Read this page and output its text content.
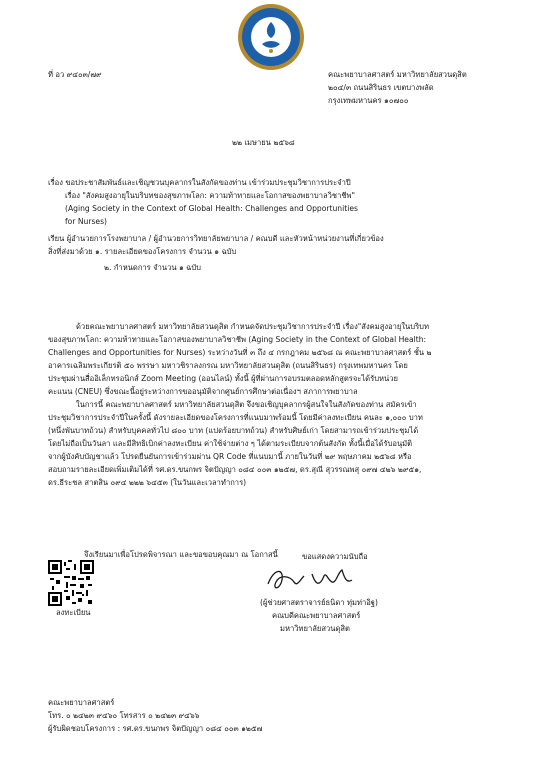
ที่ อว ๙๔๐๓/๗๙	คณะพยาบาลศาสตร์ มหาวิทยาลัยสวนดุสิต
๒๐๔/๓ ถนนสิรินธร เขตบางพลัด
กรุงเทพมหานคร ๑๐๗๐๐
๒๒ เมษายน ๒๕๖๘
เรื่อง ขอประชาสัมพันธ์และเชิญชวนบุคลากรในสังกัดของท่าน เข้าร่วมประชุมวิชาการประจำปี
เรื่อง "สังคมสูงอายุในบริบทของสุขภาพโลก: ความท้าทายและโอกาสของพยาบาลวิชาชีพ"
(Aging Society in the Context of Global Health: Challenges and Opportunities
for Nurses)
เรียน ผู้อำนวยการโรงพยาบาล / ผู้อำนวยการวิทยาลัยพยาบาล / คณบดี และหัวหน้าหน่วยงานที่เกี่ยวข้อง
สิ่งที่ส่งมาด้วย ๑. รายละเอียดของโครงการ จำนวน ๑ ฉบับ
๒. กำหนดการ จำนวน ๑ ฉบับ
ด้วยคณะพยาบาลศาสตร์ มหาวิทยาลัยสวนดุสิต กำหนดจัดประชุมวิชาการประจำปี เรื่อง"สังคมสูงอายุในบริบท
ของสุขภาพโลก: ความท้าทายและโอกาสของพยาบาลวิชาชีพ (Aging Society in the Context of Global Health:
Challenges and Opportunities for Nurses) ระหว่างวันที่ ๓ ถึง ๔ กรกฎาคม ๒๕๖๘ ณ คณะพยาบาลศาสตร์ ชั้น ๒
อาคารเฉลิมพระเกียรติ ๕๐ พรรษา มหาวชิราลงกรณ มหาวิทยาลัยสวนดุสิต (ถนนสิรินธร) กรุงเทพมหานคร โดย
ประชุมผ่านสื่ออิเล็กทรอนิกส์ Zoom Meeting (ออนไลน์) ทั้งนี้ ผู้ที่ผ่านการอบรมตลอดหลักสูตรจะได้รับหน่วย
คะแนน (CNEU) ซึ่งขณะนี้อยู่ระหว่างการขออนุมัติจากศูนย์การศึกษาต่อเนื่องฯ สภาการพยาบาล
ในการนี้ คณะพยาบาลศาสตร์ มหาวิทยาลัยสวนดุสิต จึงขอเชิญบุคลากรผู้สนใจในสังกัดของท่าน สมัครเข้า
ประชุมวิชาการประจำปีในครั้งนี้ ดังรายละเอียดของโครงการที่แนบมาพร้อมนี้ โดยมีค่าลงทะเบียน คนละ ๑,๐๐๐ บาท
(หนึ่งพันบาทถ้วน) สำหรับบุคคลทั่วไป ๘๐๐ บาท (แปดร้อยบาทถ้วน) สำหรับศิษย์เก่า โดยสามารถเข้าร่วมประชุมได้
โดยไม่ถือเป็นวันลา และมีสิทธิเบิกค่าลงทะเบียน ค่าใช้จ่ายต่าง ๆ ได้ตามระเบียบจากต้นสังกัด ทั้งนี้เมื่อได้รับอนุมัติ
จากผู้บังคับบัญชาแล้ว โปรดยืนยันการเข้าร่วมผ่าน QR Code ที่แนบมานี้ ภายในวันที่ ๒๙ พฤษภาคม ๒๕๖๘ หรือ
สอบถามรายละเอียดเพิ่มเติมได้ที่ รศ.ดร.ขนกพร จิตปัญญา ๐๘๔ ๐๐๓ ๑๒๕๗, ดร.สุณี สุวรรณพสุ ๐๙๗ ๔๒๖ ๒๙๕๑,
ดร.ธีระชล สาตสิน ๐๙๔ ๒๒๒ ๖๔๕๓ (ในวันและเวลาทำการ)
จึงเรียนมาเพื่อโปรดพิจารณา และขอขอบคุณมา ณ โอกาสนี้
ลงทะเบียน
ขอแสดงความนับถือ
(ผู้ช่วยศาสตราจารย์ธนิดา ทุ่มท่าอิฐ)
คณบดีคณะพยาบาลศาสตร์
มหาวิทยาลัยสวนดุสิต
คณะพยาบาลศาสตร์
โทร. ๐ ๒๔๒๓ ๙๔๖๐ โทรสาร ๐ ๒๔๒๓ ๙๔๖๖
ผู้รับผิดชอบโครงการ : รศ.ดร.ขนกพร จิตปัญญา ๐๘๔ ๐๐๓ ๑๒๕๗
